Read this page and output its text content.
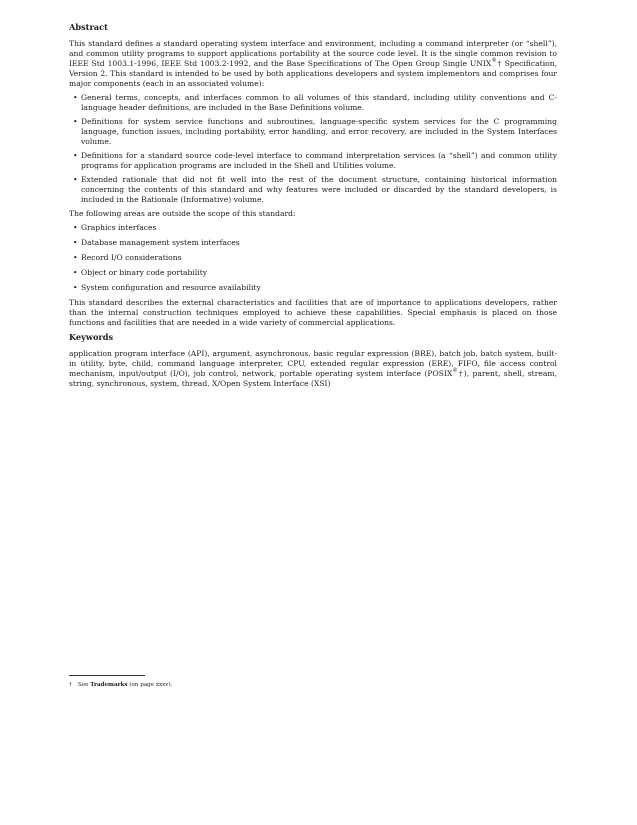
Abstract

This standard defines a standard operating system interface and environment, including a command interpreter (or “shell”), and common utility programs to support applications portability at the source code level. It is the single common revision to IEEE Std 1003.1-1996, IEEE Std 1003.2-1992, and the Base Specifications of The Open Group Single UNIX®† Specification, Version 2. This standard is intended to be used by both applications developers and system implementors and comprises four major components (each in an associated volume):

• General terms, concepts, and interfaces common to all volumes of this standard, including utility conventions and C-language header definitions, are included in the Base Definitions volume.
• Definitions for system service functions and subroutines, language-specific system services for the C programming language, function issues, including portability, error handling, and error recovery, are included in the System Interfaces volume.
• Definitions for a standard source code-level interface to command interpretation services (a “shell”) and common utility programs for application programs are included in the Shell and Utilities volume.
• Extended rationale that did not fit well into the rest of the document structure, containing historical information concerning the contents of this standard and why features were included or discarded by the standard developers, is included in the Rationale (Informative) volume.

The following areas are outside the scope of this standard:

• Graphics interfaces
• Database management system interfaces
• Record I/O considerations
• Object or binary code portability
• System configuration and resource availability

This standard describes the external characteristics and facilities that are of importance to applications developers, rather than the internal construction techniques employed to achieve these capabilities. Special emphasis is placed on those functions and facilities that are needed in a wide variety of commercial applications.

Keywords

application program interface (API), argument, asynchronous, basic regular expression (BRE), batch job, batch system, built-in utility, byte, child, command language interpreter, CPU, extended regular expression (ERE), FIFO, file access control mechanism, input/output (I/O), job control, network, portable operating system interface (POSIX®†), parent, shell, stream, string, synchronous, system, thread, X/Open System Interface (XSI)

† See Trademarks (on page xxxv).
